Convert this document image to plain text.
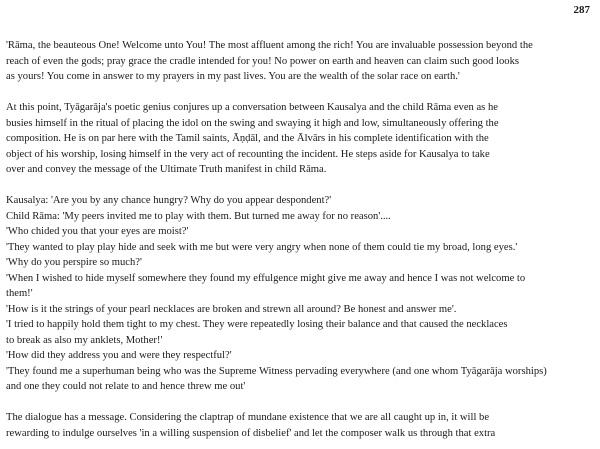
287
'Rāma, the beauteous One! Welcome unto You! The most affluent among the rich! You are invaluable possession beyond the
reach of even the gods; pray grace the cradle intended for you! No power on earth and heaven can claim such good looks
as yours! You come in answer to my prayers in my past lives. You are the wealth of the solar race on earth.'
At this point, Tyāgarāja's poetic genius conjures up a conversation between Kausalya and the child Rāma even as he
busies himself in the ritual of placing the idol on the swing and swaying it high and low, simultaneously offering the
composition. He is on par here with the Tamil saints, Āṇḍāl, and the Ālvārs in his complete identification with the
object of his worship, losing himself in the very act of recounting the incident. He steps aside for Kausalya to take
over and convey the message of the Ultimate Truth manifest in child Rāma.
Kausalya: 'Are you by any chance hungry? Why do you appear despondent?'
Child Rāma: 'My peers invited me to play with them. But turned me away for no reason'....
'Who chided you that your eyes are moist?'
'They wanted to play play hide and seek with me but were very angry when none of them could tie my broad, long eyes.'
'Why do you perspire so much?'
'When I wished to hide myself somewhere they found my effulgence might give me away and hence I was not welcome to
them!'
'How is it the strings of your pearl necklaces are broken and strewn all around? Be honest and answer me'.
'I tried to happily hold them tight to my chest. They were repeatedly losing their balance and that caused the necklaces
to break as also my anklets, Mother!'
'How did they address you and were they respectful?'
'They found me a superhuman being who was the Supreme Witness pervading everywhere (and one whom Tyāgarāja worships)
and one they could not relate to and hence threw me out'
The dialogue has a message. Considering the claptrap of mundane existence that we are all caught up in, it will be
rewarding to indulge ourselves 'in a willing suspension of disbelief' and let the composer walk us through that extra
